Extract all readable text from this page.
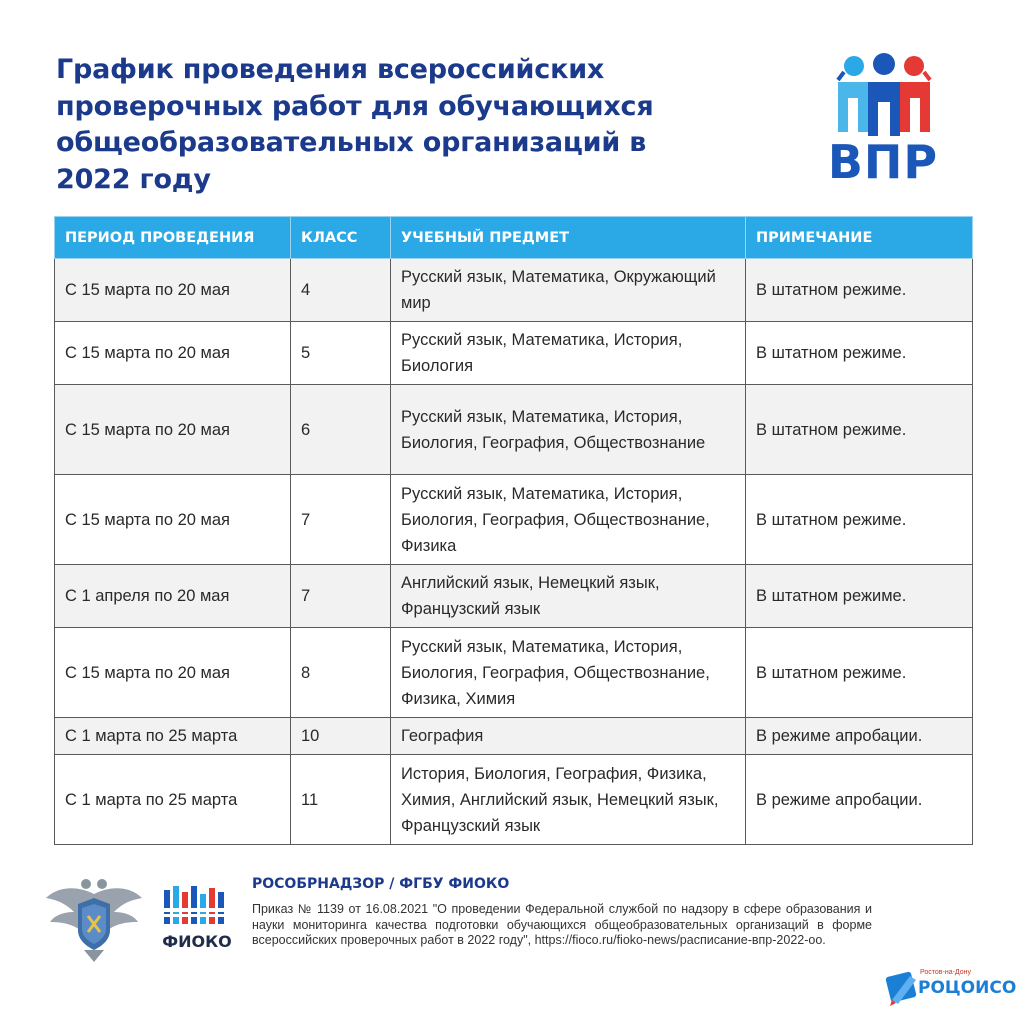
График проведения всероссийских проверочных работ для обучающихся общеобразовательных организаций в 2022 году	ВПР
ПЕРИОД ПРОВЕДЕНИЯ	КЛАСС	УЧЕБНЫЙ ПРЕДМЕТ	ПРИМЕЧАНИЕ
С 15 марта по 20 мая	4	Русский язык, Математика, Окружающий мир	В штатном режиме.
С 15 марта по 20 мая	5	Русский язык, Математика, История, Биология	В штатном режиме.
С 15 марта по 20 мая	6	Русский язык, Математика, История, Биология, География, Обществознание	В штатном режиме.
С 15 марта по 20 мая	7	Русский язык, Математика, История, Биология, География, Обществознание, Физика	В штатном режиме.
С 1 апреля по 20 мая	7	Английский язык, Немецкий язык, Французский язык	В штатном режиме.
С 15 марта по 20 мая	8	Русский язык, Математика, История, Биология, География, Обществознание, Физика, Химия	В штатном режиме.
С 1 марта по 25 марта	10	География	В режиме апробации.
С 1 марта по 25 марта	11	История, Биология, География, Физика, Химия, Английский язык, Немецкий язык, Французский язык	В режиме апробации.
ФИОКО
РОСОБРНАДЗОР / ФГБУ ФИОКО
Приказ № 1139 от 16.08.2021 "О проведении Федеральной службой по надзору в сфере образования и науки мониторинга качества подготовки обучающихся общеобразовательных организаций в форме всероссийских проверочных работ в 2022 году", https://fioco.ru/fioko-news/расписание-впр-2022-oo.
Ростов-на-Дону
РОЦОИСО
